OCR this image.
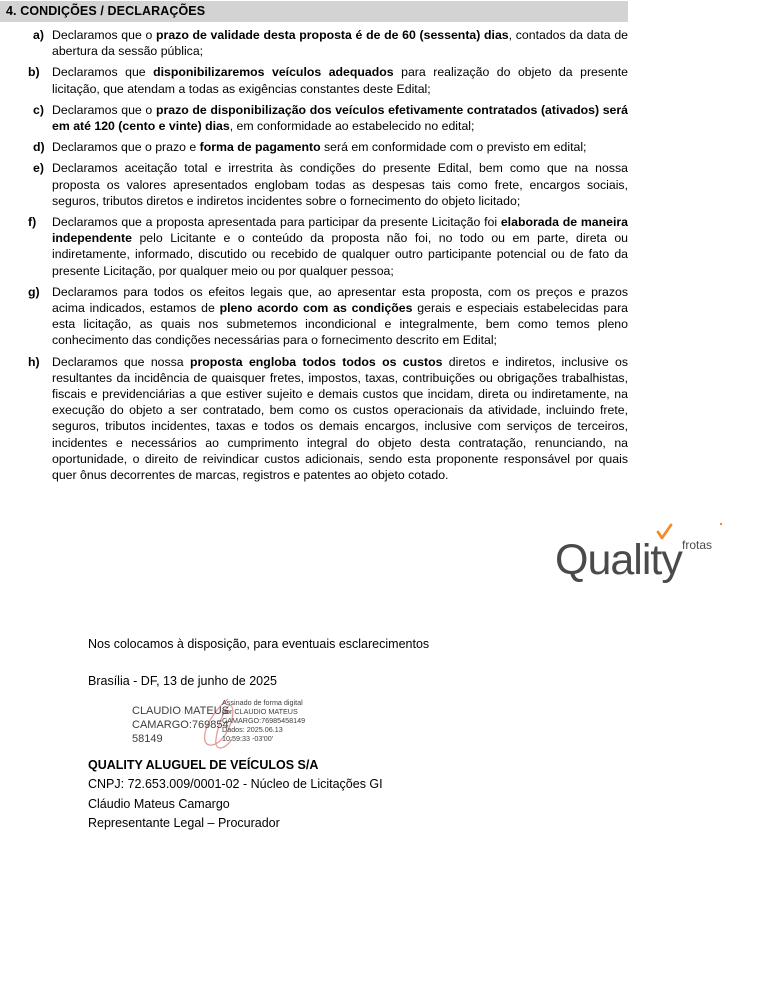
4. CONDIÇÕES / DECLARAÇÕES
a) Declaramos que o prazo de validade desta proposta é de de 60 (sessenta) dias, contados da data de abertura da sessão pública;
b) Declaramos que disponibilizaremos veículos adequados para realização do objeto da presente licitação, que atendam a todas as exigências constantes deste Edital;
c) Declaramos que o prazo de disponibilização dos veículos efetivamente contratados (ativados) será em até 120 (cento e vinte) dias, em conformidade ao estabelecido no edital;
d) Declaramos que o prazo e forma de pagamento será em conformidade com o previsto em edital;
e) Declaramos aceitação total e irrestrita às condições do presente Edital, bem como que na nossa proposta os valores apresentados englobam todas as despesas tais como frete, encargos sociais, seguros, tributos diretos e indiretos incidentes sobre o fornecimento do objeto licitado;
f) Declaramos que a proposta apresentada para participar da presente Licitação foi elaborada de maneira independente pelo Licitante e o conteúdo da proposta não foi, no todo ou em parte, direta ou indiretamente, informado, discutido ou recebido de qualquer outro participante potencial ou de fato da presente Licitação, por qualquer meio ou por qualquer pessoa;
g) Declaramos para todos os efeitos legais que, ao apresentar esta proposta, com os preços e prazos acima indicados, estamos de pleno acordo com as condições gerais e especiais estabelecidas para esta licitação, as quais nos submetemos incondicional e integralmente, bem como temos pleno conhecimento das condições necessárias para o fornecimento descrito em Edital;
h) Declaramos que nossa proposta engloba todos todos os custos diretos e indiretos, inclusive os resultantes da incidência de quaisquer fretes, impostos, taxas, contribuições ou obrigações trabalhistas, fiscais e previdenciárias a que estiver sujeito e demais custos que incidam, direta ou indiretamente, na execução do objeto a ser contratado, bem como os custos operacionais da atividade, incluindo frete, seguros, tributos incidentes, taxas e todos os demais encargos, inclusive com serviços de terceiros, incidentes e necessários ao cumprimento integral do objeto desta contratação, renunciando, na oportunidade, o direito de reivindicar custos adicionais, sendo esta proponente responsável por quais quer ônus decorrentes de marcas, registros e patentes ao objeto cotado.
Quality frotas
Nos colocamos à disposição, para eventuais esclarecimentos
Brasília - DF, 13 de junho de 2025
CLAUDIO MATEUS CAMARGO:769854 58149
Assinado de forma digital por CLAUDIO MATEUS CAMARGO:76985458149 Dados: 2025.06.13 10:59:33 -03'00'
QUALITY ALUGUEL DE VEÍCULOS S/A
CNPJ: 72.653.009/0001-02 - Núcleo de Licitações GI
Cláudio Mateus Camargo
Representante Legal – Procurador
